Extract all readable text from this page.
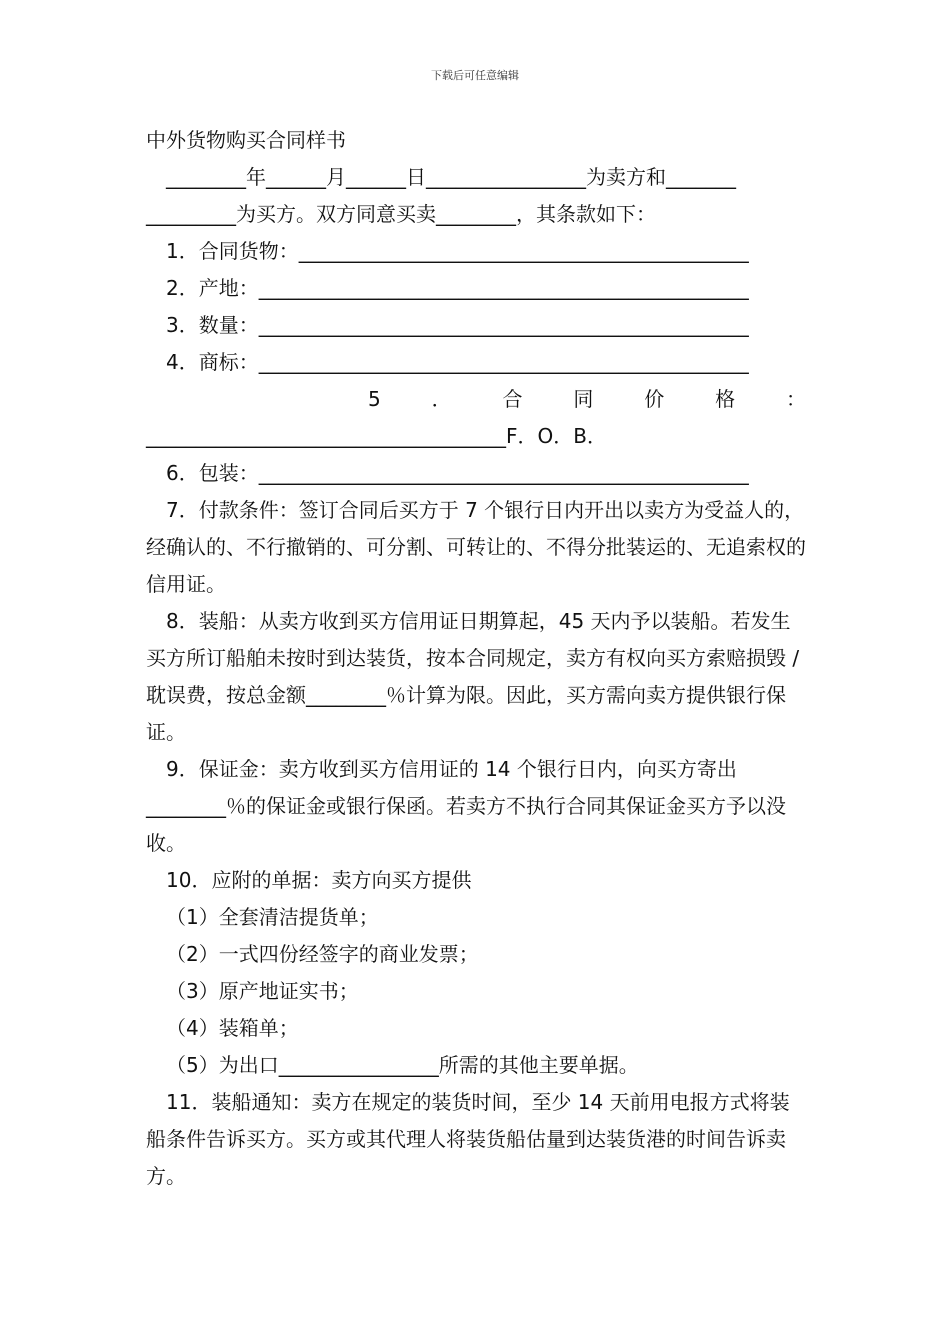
下载后可任意编辑
中外货物购买合同样书
________年______月______日________________为卖方和_______
_________为买方。双方同意买卖________，其条款如下：
1．合同货物：_____________________________________________
2．产地：_________________________________________________
3．数量：_________________________________________________
4．商标：_________________________________________________
5	．	合	同	价	格	：
____________________________________F．O．B．
6．包装：_________________________________________________
7．付款条件：签订合同后买方于 7 个银行日内开出以卖方为受益人的，经确认的、不行撤销的、可分割、可转让的、不得分批装运的、无追索权的信用证。
8．装船：从卖方收到买方信用证日期算起，45 天内予以装船。若发生买方所订船舶未按时到达装货，按本合同规定，卖方有权向买方索赔损毁 / 耽误费，按总金额________％计算为限。因此，买方需向卖方提供银行保证。
9．保证金：卖方收到买方信用证的 14 个银行日内，向买方寄出________％的保证金或银行保函。若卖方不执行合同其保证金买方予以没收。
10．应附的单据：卖方向买方提供
（1）全套清洁提货单；
（2）一式四份经签字的商业发票；
（3）原产地证实书；
（4）装箱单；
（5）为出口________________所需的其他主要单据。
11．装船通知：卖方在规定的装货时间，至少 14 天前用电报方式将装船条件告诉买方。买方或其代理人将装货船估量到达装货港的时间告诉卖方。
